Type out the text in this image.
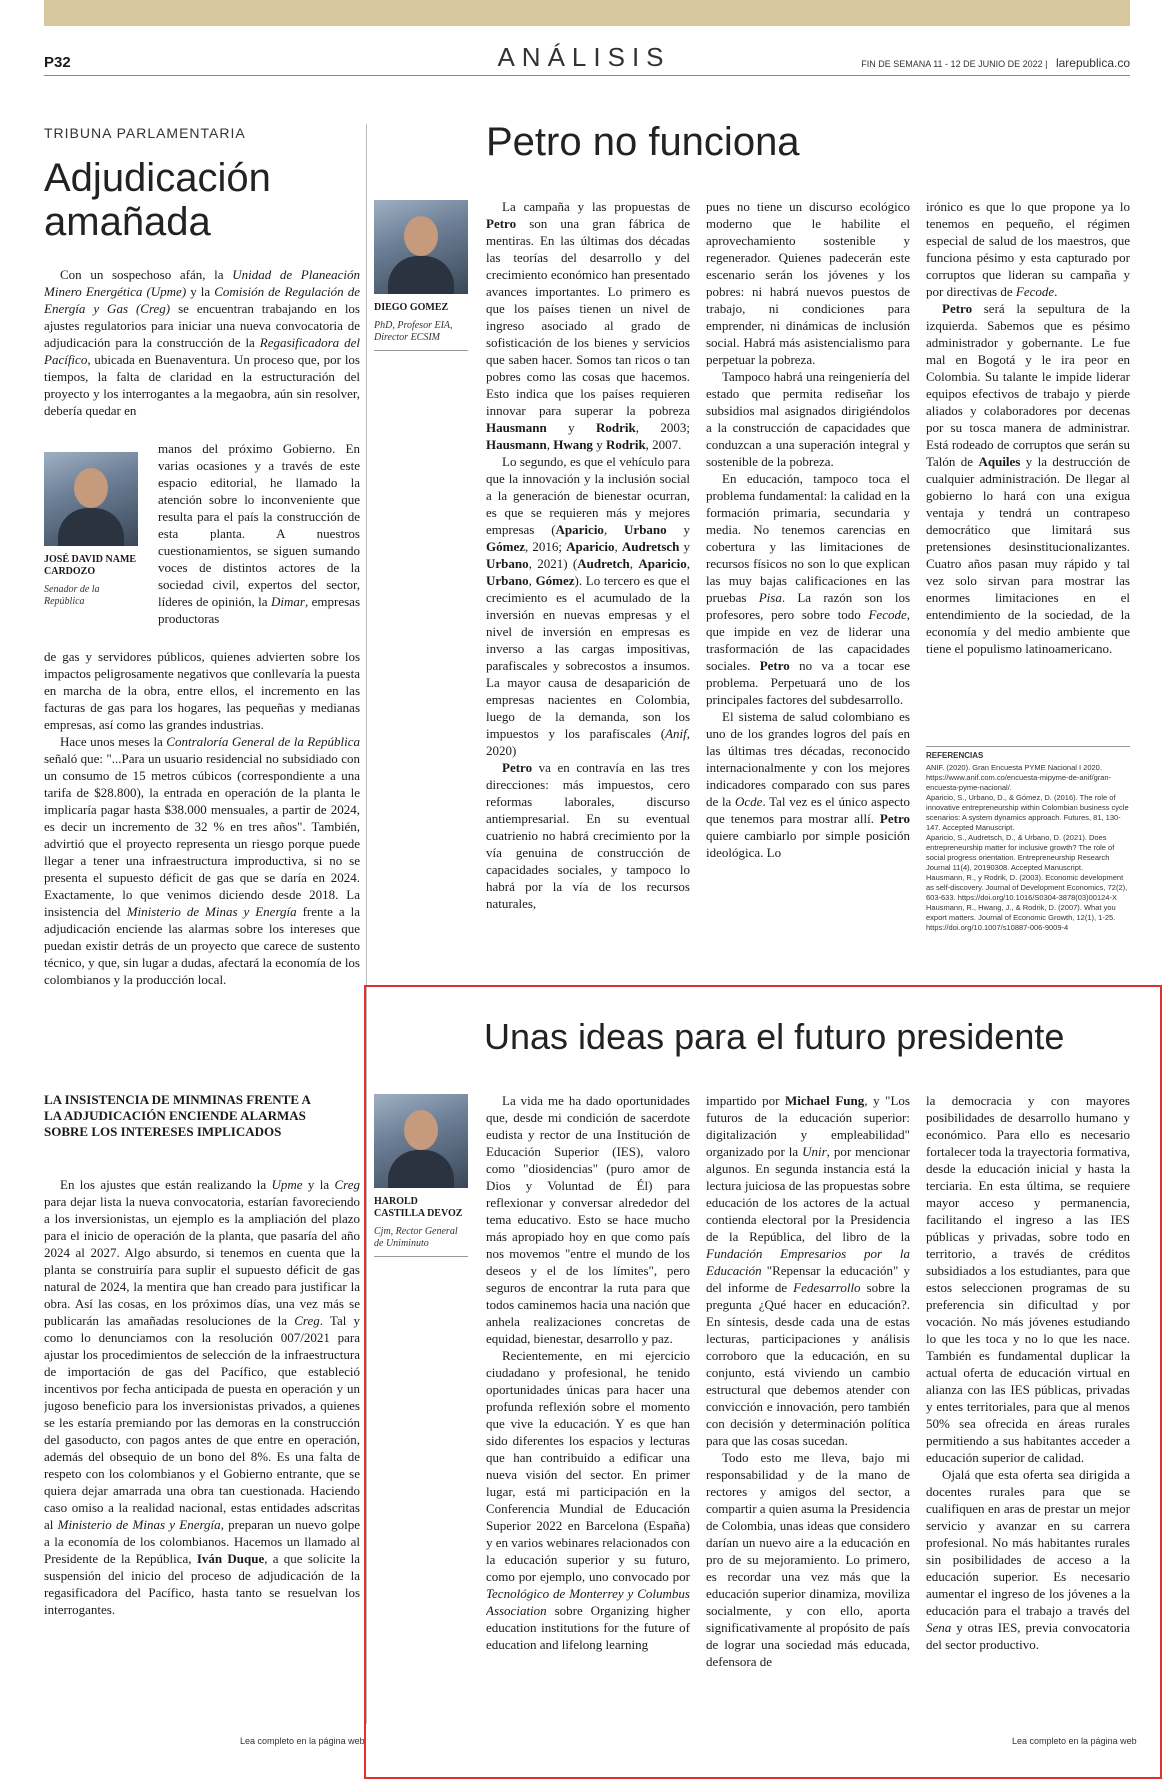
P32	ANÁLISIS	FIN DE SEMANA 11 - 12 DE JUNIO DE 2022 | larepublica.co
TRIBUNA PARLAMENTARIA
Adjudicación amañada

Con un sospechoso afán, la Unidad de Planeación Minero Energética (Upme) y la Comisión de Regulación de Energía y Gas (Creg) se encuentran trabajando en los ajustes regulatorios para iniciar una nueva convocatoria de adjudicación para la construcción de la Regasificadora del Pacífico, ubicada en Buenaventura. Un proceso que, por los tiempos, la falta de claridad en la estructuración del proyecto y los interrogantes a la megaobra, aún sin resolver, debería quedar en

JOSÉ DAVID NAME CARDOZO
Senador de la República

manos del próximo Gobierno. En varias ocasiones y a través de este espacio editorial, he llamado la atención sobre lo inconveniente que resulta para el país la construcción de esta planta. A nuestros cuestionamientos, se siguen sumando voces de distintos actores de la sociedad civil, expertos del sector, líderes de opinión, la Dimar, empresas productoras

de gas y servidores públicos, quienes advierten sobre los impactos peligrosamente negativos que conllevaría la puesta en marcha de la obra, entre ellos, el incremento en las facturas de gas para los hogares, las pequeñas y medianas empresas, así como las grandes industrias.

Hace unos meses la Contraloría General de la República señaló que: "...Para un usuario residencial no subsidiado con un consumo de 15 metros cúbicos (correspondiente a una tarifa de $28.800), la entrada en operación de la planta le implicaría pagar hasta $38.000 mensuales, a partir de 2024, es decir un incremento de 32 % en tres años". También, advirtió que el proyecto representa un riesgo porque puede llegar a tener una infraestructura improductiva, si no se presenta el supuesto déficit de gas que se daría en 2024. Exactamente, lo que venimos diciendo desde 2018. La insistencia del Ministerio de Minas y Energía frente a la adjudicación enciende las alarmas sobre los intereses que puedan existir detrás de un proyecto que carece de sustento técnico, y que, sin lugar a dudas, afectará la economía de los colombianos y la producción local.

LA INSISTENCIA DE MINMINAS FRENTE A LA ADJUDICACIÓN ENCIENDE ALARMAS SOBRE LOS INTERESES IMPLICADOS

En los ajustes que están realizando la Upme y la Creg para dejar lista la nueva convocatoria, estarían favoreciendo a los inversionistas, un ejemplo es la ampliación del plazo para el inicio de operación de la planta, que pasaría del año 2024 al 2027. Algo absurdo, si tenemos en cuenta que la planta se construiría para suplir el supuesto déficit de gas natural de 2024, la mentira que han creado para justificar la obra. Así las cosas, en los próximos días, una vez más se publicarán las amañadas resoluciones de la Creg. Tal y como lo denunciamos con la resolución 007/2021 para ajustar los procedimientos de selección de la infraestructura de importación de gas del Pacífico, que estableció incentivos por fecha anticipada de puesta en operación y un jugoso beneficio para los inversionistas privados, a quienes se les estaría premiando por las demoras en la construcción del gasoducto, con pagos antes de que entre en operación, además del obsequio de un bono del 8%. Es una falta de respeto con los colombianos y el Gobierno entrante, que se quiera dejar amarrada una obra tan cuestionada. Haciendo caso omiso a la realidad nacional, estas entidades adscritas al Ministerio de Minas y Energía, preparan un nuevo golpe a la economía de los colombianos. Hacemos un llamado al Presidente de la República, Iván Duque, a que solicite la suspensión del inicio del proceso de adjudicación de la regasificadora del Pacífico, hasta tanto se resuelvan los interrogantes.

Lea completo en la página web
Petro no funciona
DIEGO GOMEZ
PhD, Profesor EIA, Director ECSIM

La campaña y las propuestas de Petro son una gran fábrica de mentiras. En las últimas dos décadas las teorías del desarrollo y del crecimiento económico han presentado avances importantes. Lo primero es que los países tienen un nivel de ingreso asociado al grado de sofisticación de los bienes y servicios que saben hacer. Somos tan ricos o tan pobres como las cosas que hacemos. Esto indica que los países requieren innovar para superar la pobreza Hausmann y Rodrik, 2003; Hausmann, Hwang y Rodrik, 2007.

Lo segundo, es que el vehículo para que la innovación y la inclusión social a la generación de bienestar ocurran, es que se requieren más y mejores empresas (Aparicio, Urbano y Gómez, 2016; Aparicio, Audretsch y Urbano, 2021) (Audretch, Aparicio, Urbano, Gómez). Lo tercero es que el crecimiento es el acumulado de la inversión en nuevas empresas y el nivel de inversión en empresas es inverso a las cargas impositivas, parafiscales y sobrecostos a insumos. La mayor causa de desaparición de empresas nacientes en Colombia, luego de la demanda, son los impuestos y los parafiscales (Anif, 2020)

Petro va en contravía en las tres direcciones: más impuestos, cero reformas laborales, discurso antiempresarial. En su eventual cuatrienio no habrá crecimiento por la vía genuina de construcción de capacidades sociales, y tampoco lo habrá por la vía de los recursos naturales,

pues no tiene un discurso ecológico moderno que le habilite el aprovechamiento sostenible y regenerador. Quienes padecerán este escenario serán los jóvenes y los pobres: ni habrá nuevos puestos de trabajo, ni condiciones para emprender, ni dinámicas de inclusión social. Habrá más asistencialismo para perpetuar la pobreza.

Tampoco habrá una reingeniería del estado que permita rediseñar los subsidios mal asignados dirigiéndolos a la construcción de capacidades que conduzcan a una superación integral y sostenible de la pobreza.

En educación, tampoco toca el problema fundamental: la calidad en la formación primaria, secundaria y media. No tenemos carencias en cobertura y las limitaciones de recursos físicos no son lo que explican las muy bajas calificaciones en las pruebas Pisa. La razón son los profesores, pero sobre todo Fecode, que impide en vez de liderar una trasformación de las capacidades sociales. Petro no va a tocar ese problema. Perpetuará uno de los principales factores del subdesarrollo.

El sistema de salud colombiano es uno de los grandes logros del país en las últimas tres décadas, reconocido internacionalmente y con los mejores indicadores comparado con sus pares de la Ocde. Tal vez es el único aspecto que tenemos para mostrar allí. Petro quiere cambiarlo por simple posición ideológica. Lo

irónico es que lo que propone ya lo tenemos en pequeño, el régimen especial de salud de los maestros, que funciona pésimo y esta capturado por corruptos que lideran su campaña y por directivas de Fecode.

Petro será la sepultura de la izquierda. Sabemos que es pésimo administrador y gobernante. Le fue mal en Bogotá y le ira peor en Colombia. Su talante le impide liderar equipos efectivos de trabajo y pierde aliados y colaboradores por decenas por su tosca manera de administrar. Está rodeado de corruptos que serán su Talón de Aquiles y la destrucción de cualquier administración. De llegar al gobierno lo hará con una exigua ventaja y tendrá un contrapeso democrático que limitará sus pretensiones desinstitucionalizantes. Cuatro años pasan muy rápido y tal vez solo sirvan para mostrar las enormes limitaciones en el entendimiento de la sociedad, de la economía y del medio ambiente que tiene el populismo latinoamericano.

REFERENCIAS
ANIF. (2020). Gran Encuesta PYME Nacional I 2020. https://www.anif.com.co/encuesta-mipyme-de-anif/gran-encuesta-pyme-nacional/.
Aparicio, S., Urbano, D., & Gómez, D. (2016). The role of innovative entrepreneurship within Colombian business cycle scenarios: A system dynamics approach. Futures, 81, 130-147. Accepted Manuscript.
Aparicio, S., Audretsch, D., & Urbano, D. (2021). Does entrepreneurship matter for inclusive growth? The role of social progress orientation. Entrepreneurship Research Journal 11(4), 20190308. Accepted Manuscript.
Hausmann, R., y Rodrik, D. (2003). Economic development as self-discovery. Journal of Development Economics, 72(2), 603-633. https://doi.org/10.1016/S0304-3878(03)00124-X
Hausmann, R., Hwang, J., & Rodrik, D. (2007). What you export matters. Journal of Economic Growth, 12(1), 1-25. https://doi.org/10.1007/s10887-006-9009-4
Unas ideas para el futuro presidente
HAROLD CASTILLA DEVOZ
Cjm, Rector General de Uniminuto

La vida me ha dado oportunidades que, desde mi condición de sacerdote eudista y rector de una Institución de Educación Superior (IES), valoro como "diosidencias" (puro amor de Dios y Voluntad de Él) para reflexionar y conversar alrededor del tema educativo. Esto se hace mucho más apropiado hoy en que como país nos movemos "entre el mundo de los deseos y el de los límites", pero seguros de encontrar la ruta para que todos caminemos hacia una nación que anhela realizaciones concretas de equidad, bienestar, desarrollo y paz.

Recientemente, en mi ejercicio ciudadano y profesional, he tenido oportunidades únicas para hacer una profunda reflexión sobre el momento que vive la educación. Y es que han sido diferentes los espacios y lecturas que han contribuido a edificar una nueva visión del sector. En primer lugar, está mi participación en la Conferencia Mundial de Educación Superior 2022 en Barcelona (España) y en varios webinares relacionados con la educación superior y su futuro, como por ejemplo, uno convocado por Tecnológico de Monterrey y Columbus Association sobre Organizing higher education institutions for the future of education and lifelong learning

impartido por Michael Fung, y "Los futuros de la educación superior: digitalización y empleabilidad" organizado por la Unir, por mencionar algunos. En segunda instancia está la lectura juiciosa de las propuestas sobre educación de los actores de la actual contienda electoral por la Presidencia de la República, del libro de la Fundación Empresarios por la Educación "Repensar la educación" y del informe de Fedesarrollo sobre la pregunta ¿Qué hacer en educación?. En síntesis, desde cada una de estas lecturas, participaciones y análisis corroboro que la educación, en su conjunto, está viviendo un cambio estructural que debemos atender con convicción e innovación, pero también con decisión y determinación política para que las cosas sucedan.

Todo esto me lleva, bajo mi responsabilidad y de la mano de rectores y amigos del sector, a compartir a quien asuma la Presidencia de Colombia, unas ideas que considero darían un nuevo aire a la educación en pro de su mejoramiento. Lo primero, es recordar una vez más que la educación superior dinamiza, moviliza socialmente, y con ello, aporta significativamente al propósito de país de lograr una sociedad más educada, defensora de

la democracia y con mayores posibilidades de desarrollo humano y económico. Para ello es necesario fortalecer toda la trayectoria formativa, desde la educación inicial y hasta la terciaria. En esta última, se requiere mayor acceso y permanencia, facilitando el ingreso a las IES públicas y privadas, sobre todo en territorio, a través de créditos subsidiados a los estudiantes, para que estos seleccionen programas de su preferencia sin dificultad y por vocación. No más jóvenes estudiando lo que les toca y no lo que les nace. También es fundamental duplicar la actual oferta de educación virtual en alianza con las IES públicas, privadas y entes territoriales, para que al menos 50% sea ofrecida en áreas rurales permitiendo a sus habitantes acceder a educación superior de calidad.

Ojalá que esta oferta sea dirigida a docentes rurales para que se cualifiquen en aras de prestar un mejor servicio y avanzar en su carrera profesional. No más habitantes rurales sin posibilidades de acceso a la educación superior. Es necesario aumentar el ingreso de los jóvenes a la educación para el trabajo a través del Sena y otras IES, previa convocatoria del sector productivo.

Lea completo en la página web
